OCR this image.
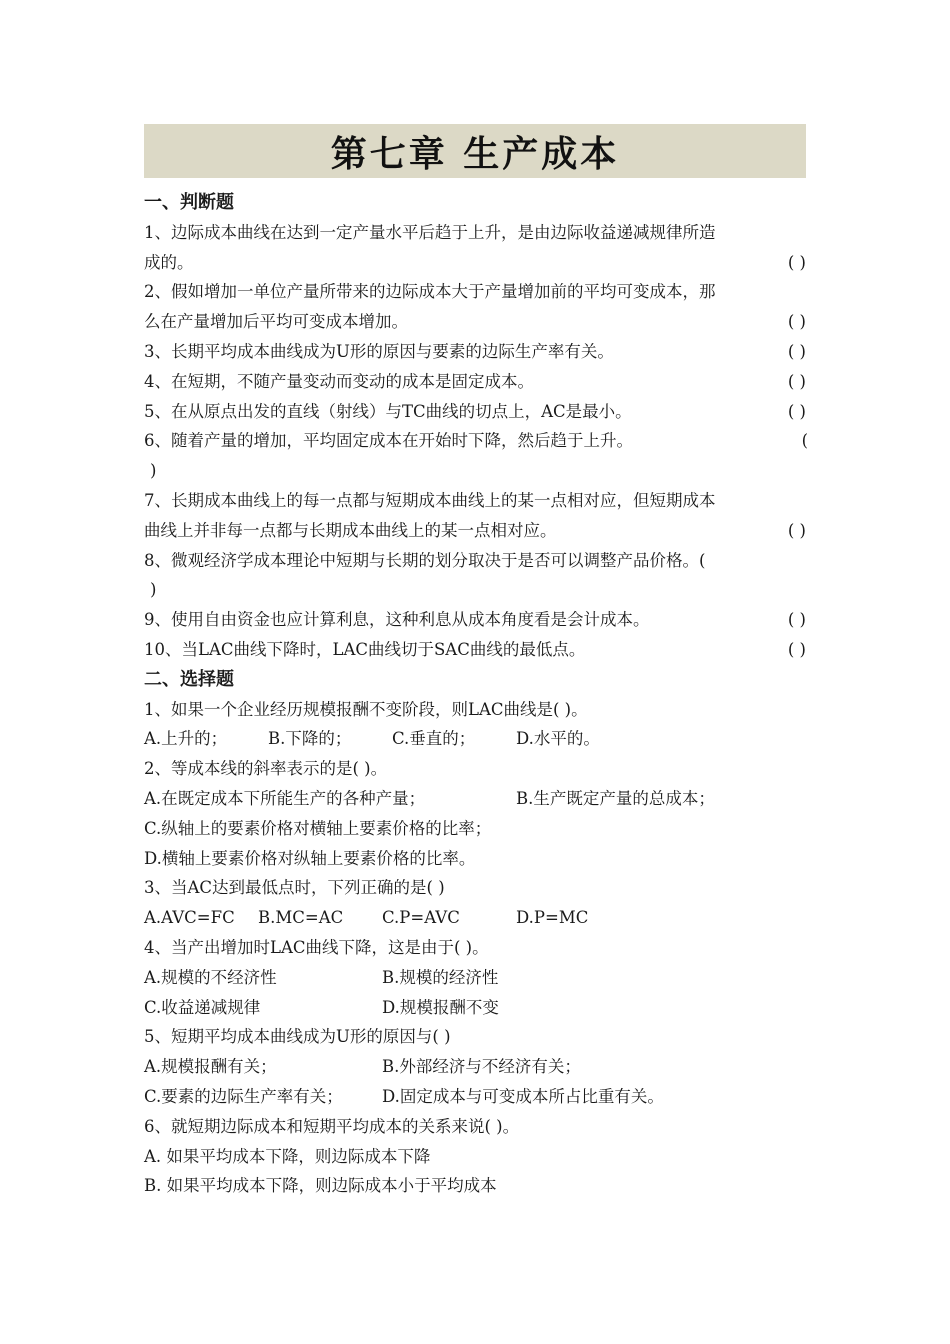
第七章 生产成本
一、判断题
1、边际成本曲线在达到一定产量水平后趋于上升，是由边际收益递减规律所造
成的。	( )
2、假如增加一单位产量所带来的边际成本大于产量增加前的平均可变成本，那
么在产量增加后平均可变成本增加。	( )
3、长期平均成本曲线成为U形的原因与要素的边际生产率有关。	( )
4、在短期，不随产量变动而变动的成本是固定成本。	( )
5、在从原点出发的直线（射线）与TC曲线的切点上，AC是最小。	( )
6、随着产量的增加，平均固定成本在开始时下降，然后趋于上升。	(
)
7、长期成本曲线上的每一点都与短期成本曲线上的某一点相对应，但短期成本
曲线上并非每一点都与长期成本曲线上的某一点相对应。	( )
8、微观经济学成本理论中短期与长期的划分取决于是否可以调整产品价格。(
)
9、使用自由资金也应计算利息，这种利息从成本角度看是会计成本。	( )
10、当LAC曲线下降时，LAC曲线切于SAC曲线的最低点。	( )
二、选择题
1、如果一个企业经历规模报酬不变阶段，则LAC曲线是( )。
A.上升的； B.下降的； C.垂直的； D.水平的。
2、等成本线的斜率表示的是( )。
A.在既定成本下所能生产的各种产量；	B.生产既定产量的总成本；
C.纵轴上的要素价格对横轴上要素价格的比率；
D.横轴上要素价格对纵轴上要素价格的比率。
3、当AC达到最低点时，下列正确的是( )
A.AVC=FC B.MC=AC C.P=AVC	D.P=MC
4、当产出增加时LAC曲线下降，这是由于( )。
A.规模的不经济性	B.规模的经济性
C.收益递减规律	D.规模报酬不变
5、短期平均成本曲线成为U形的原因与( )
A.规模报酬有关；	B.外部经济与不经济有关；
C.要素的边际生产率有关； D.固定成本与可变成本所占比重有关。
6、就短期边际成本和短期平均成本的关系来说( )。
A. 如果平均成本下降，则边际成本下降
B. 如果平均成本下降，则边际成本小于平均成本
